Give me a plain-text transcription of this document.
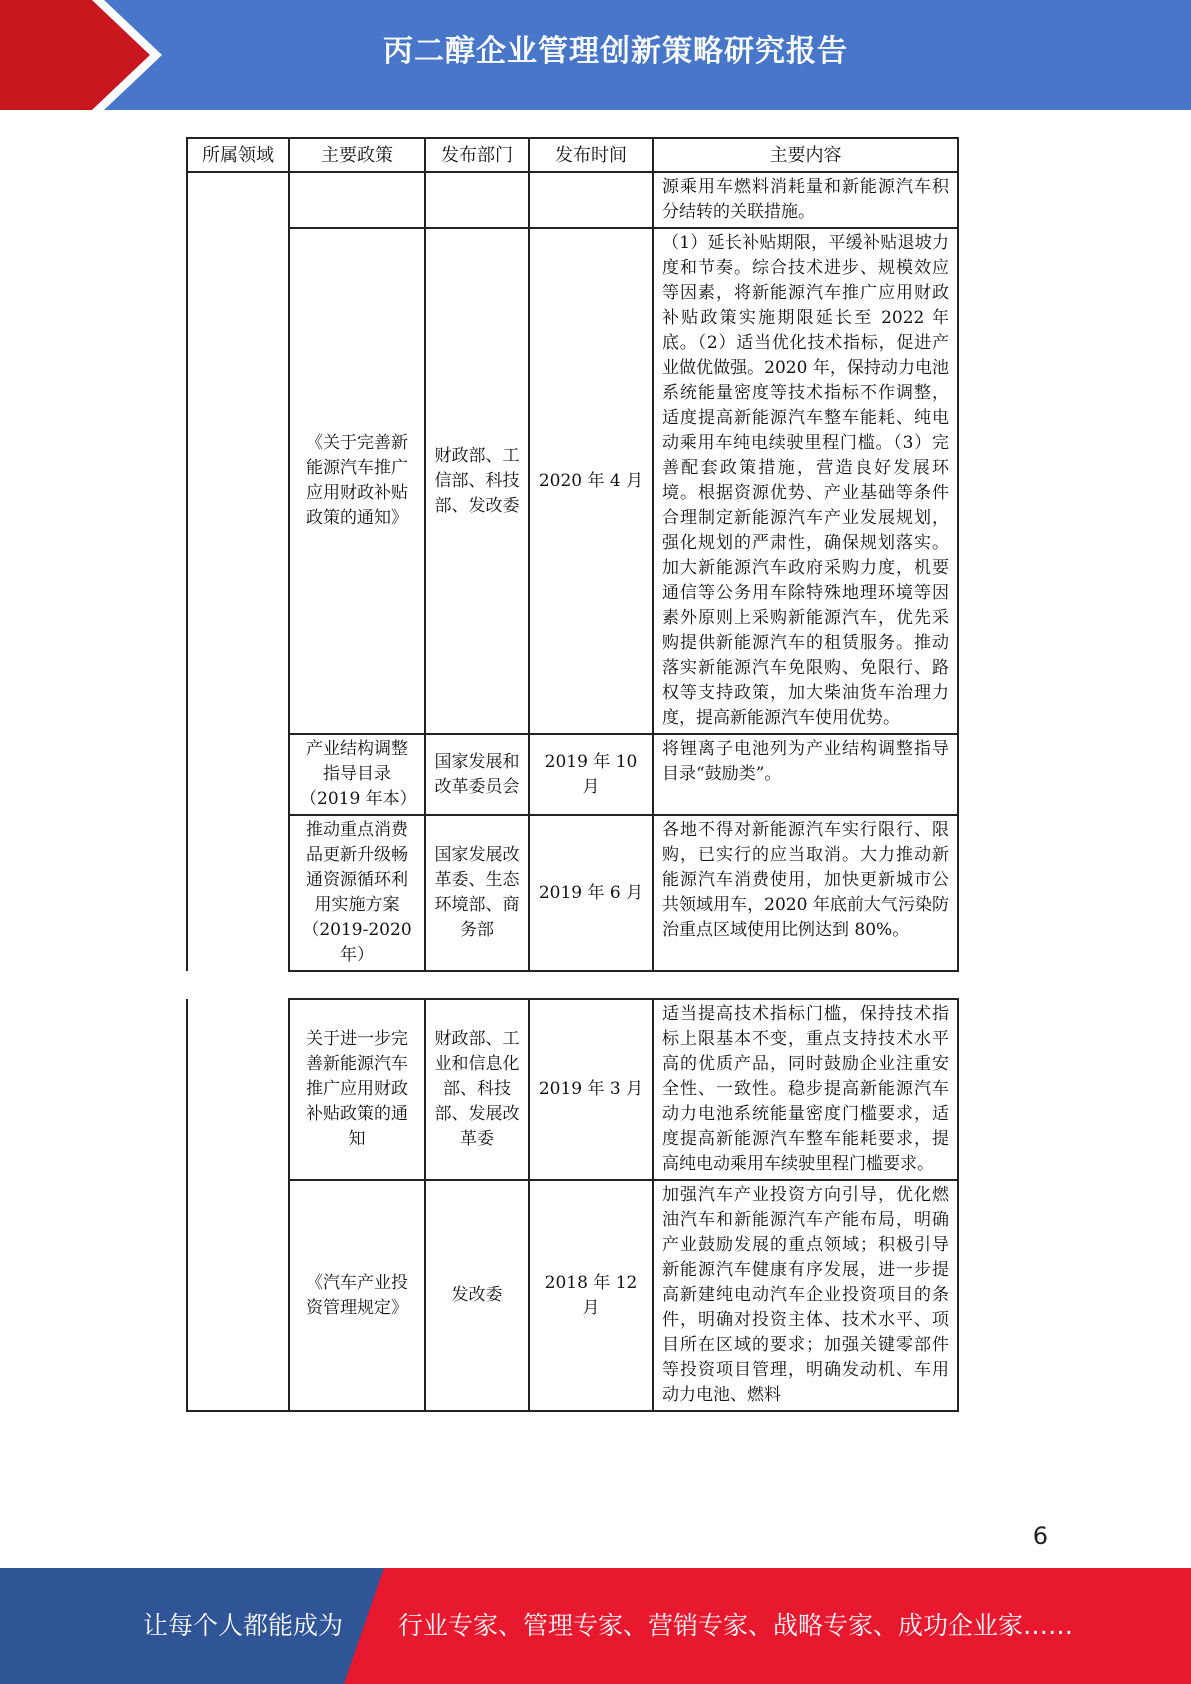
丙二醇企业管理创新策略研究报告
所属领域	主要政策	发布部门	发布时间	主要内容
				源乘用车燃料消耗量和新能源汽车积分结转的关联措施。
	《关于完善新能源汽车推广应用财政补贴政策的通知》	财政部、工信部、科技部、发改委	2020 年 4 月	（1）延长补贴期限，平缓补贴退坡力度和节奏。综合技术进步、规模效应等因素，将新能源汽车推广应用财政补贴政策实施期限延长至 2022 年底。（2）适当优化技术指标，促进产业做优做强。2020 年，保持动力电池系统能量密度等技术指标不作调整，适度提高新能源汽车整车能耗、纯电动乘用车纯电续驶里程门槛。（3）完善配套政策措施，营造良好发展环境。根据资源优势、产业基础等条件合理制定新能源汽车产业发展规划，强化规划的严肃性，确保规划落实。加大新能源汽车政府采购力度，机要通信等公务用车除特殊地理环境等因素外原则上采购新能源汽车，优先采购提供新能源汽车的租赁服务。推动落实新能源汽车免限购、免限行、路权等支持政策，加大柴油货车治理力度，提高新能源汽车使用优势。
	产业结构调整指导目录（2019 年本）	国家发展和改革委员会	2019 年 10 月	将锂离子电池列为产业结构调整指导目录“鼓励类”。
	推动重点消费品更新升级畅通资源循环利用实施方案（2019-2020年）	国家发展改革委、生态环境部、商务部	2019 年 6 月	各地不得对新能源汽车实行限行、限购，已实行的应当取消。大力推动新能源汽车消费使用，加快更新城市公共领域用车，2020 年底前大气污染防治重点区域使用比例达到 80%。
	关于进一步完善新能源汽车推广应用财政补贴政策的通知	财政部、工业和信息化部、科技部、发展改革委	2019 年 3 月	适当提高技术指标门槛，保持技术指标上限基本不变，重点支持技术水平高的优质产品，同时鼓励企业注重安全性、一致性。稳步提高新能源汽车动力电池系统能量密度门槛要求，适度提高新能源汽车整车能耗要求，提高纯电动乘用车续驶里程门槛要求。
	《汽车产业投资管理规定》	发改委	2018 年 12 月	加强汽车产业投资方向引导，优化燃油汽车和新能源汽车产能布局，明确产业鼓励发展的重点领域；积极引导新能源汽车健康有序发展，进一步提高新建纯电动汽车企业投资项目的条件，明确对投资主体、技术水平、项目所在区域的要求；加强关键零部件等投资项目管理，明确发动机、车用动力电池、燃料
6
让每个人都能成为 行业专家、管理专家、营销专家、战略专家、成功企业家……
